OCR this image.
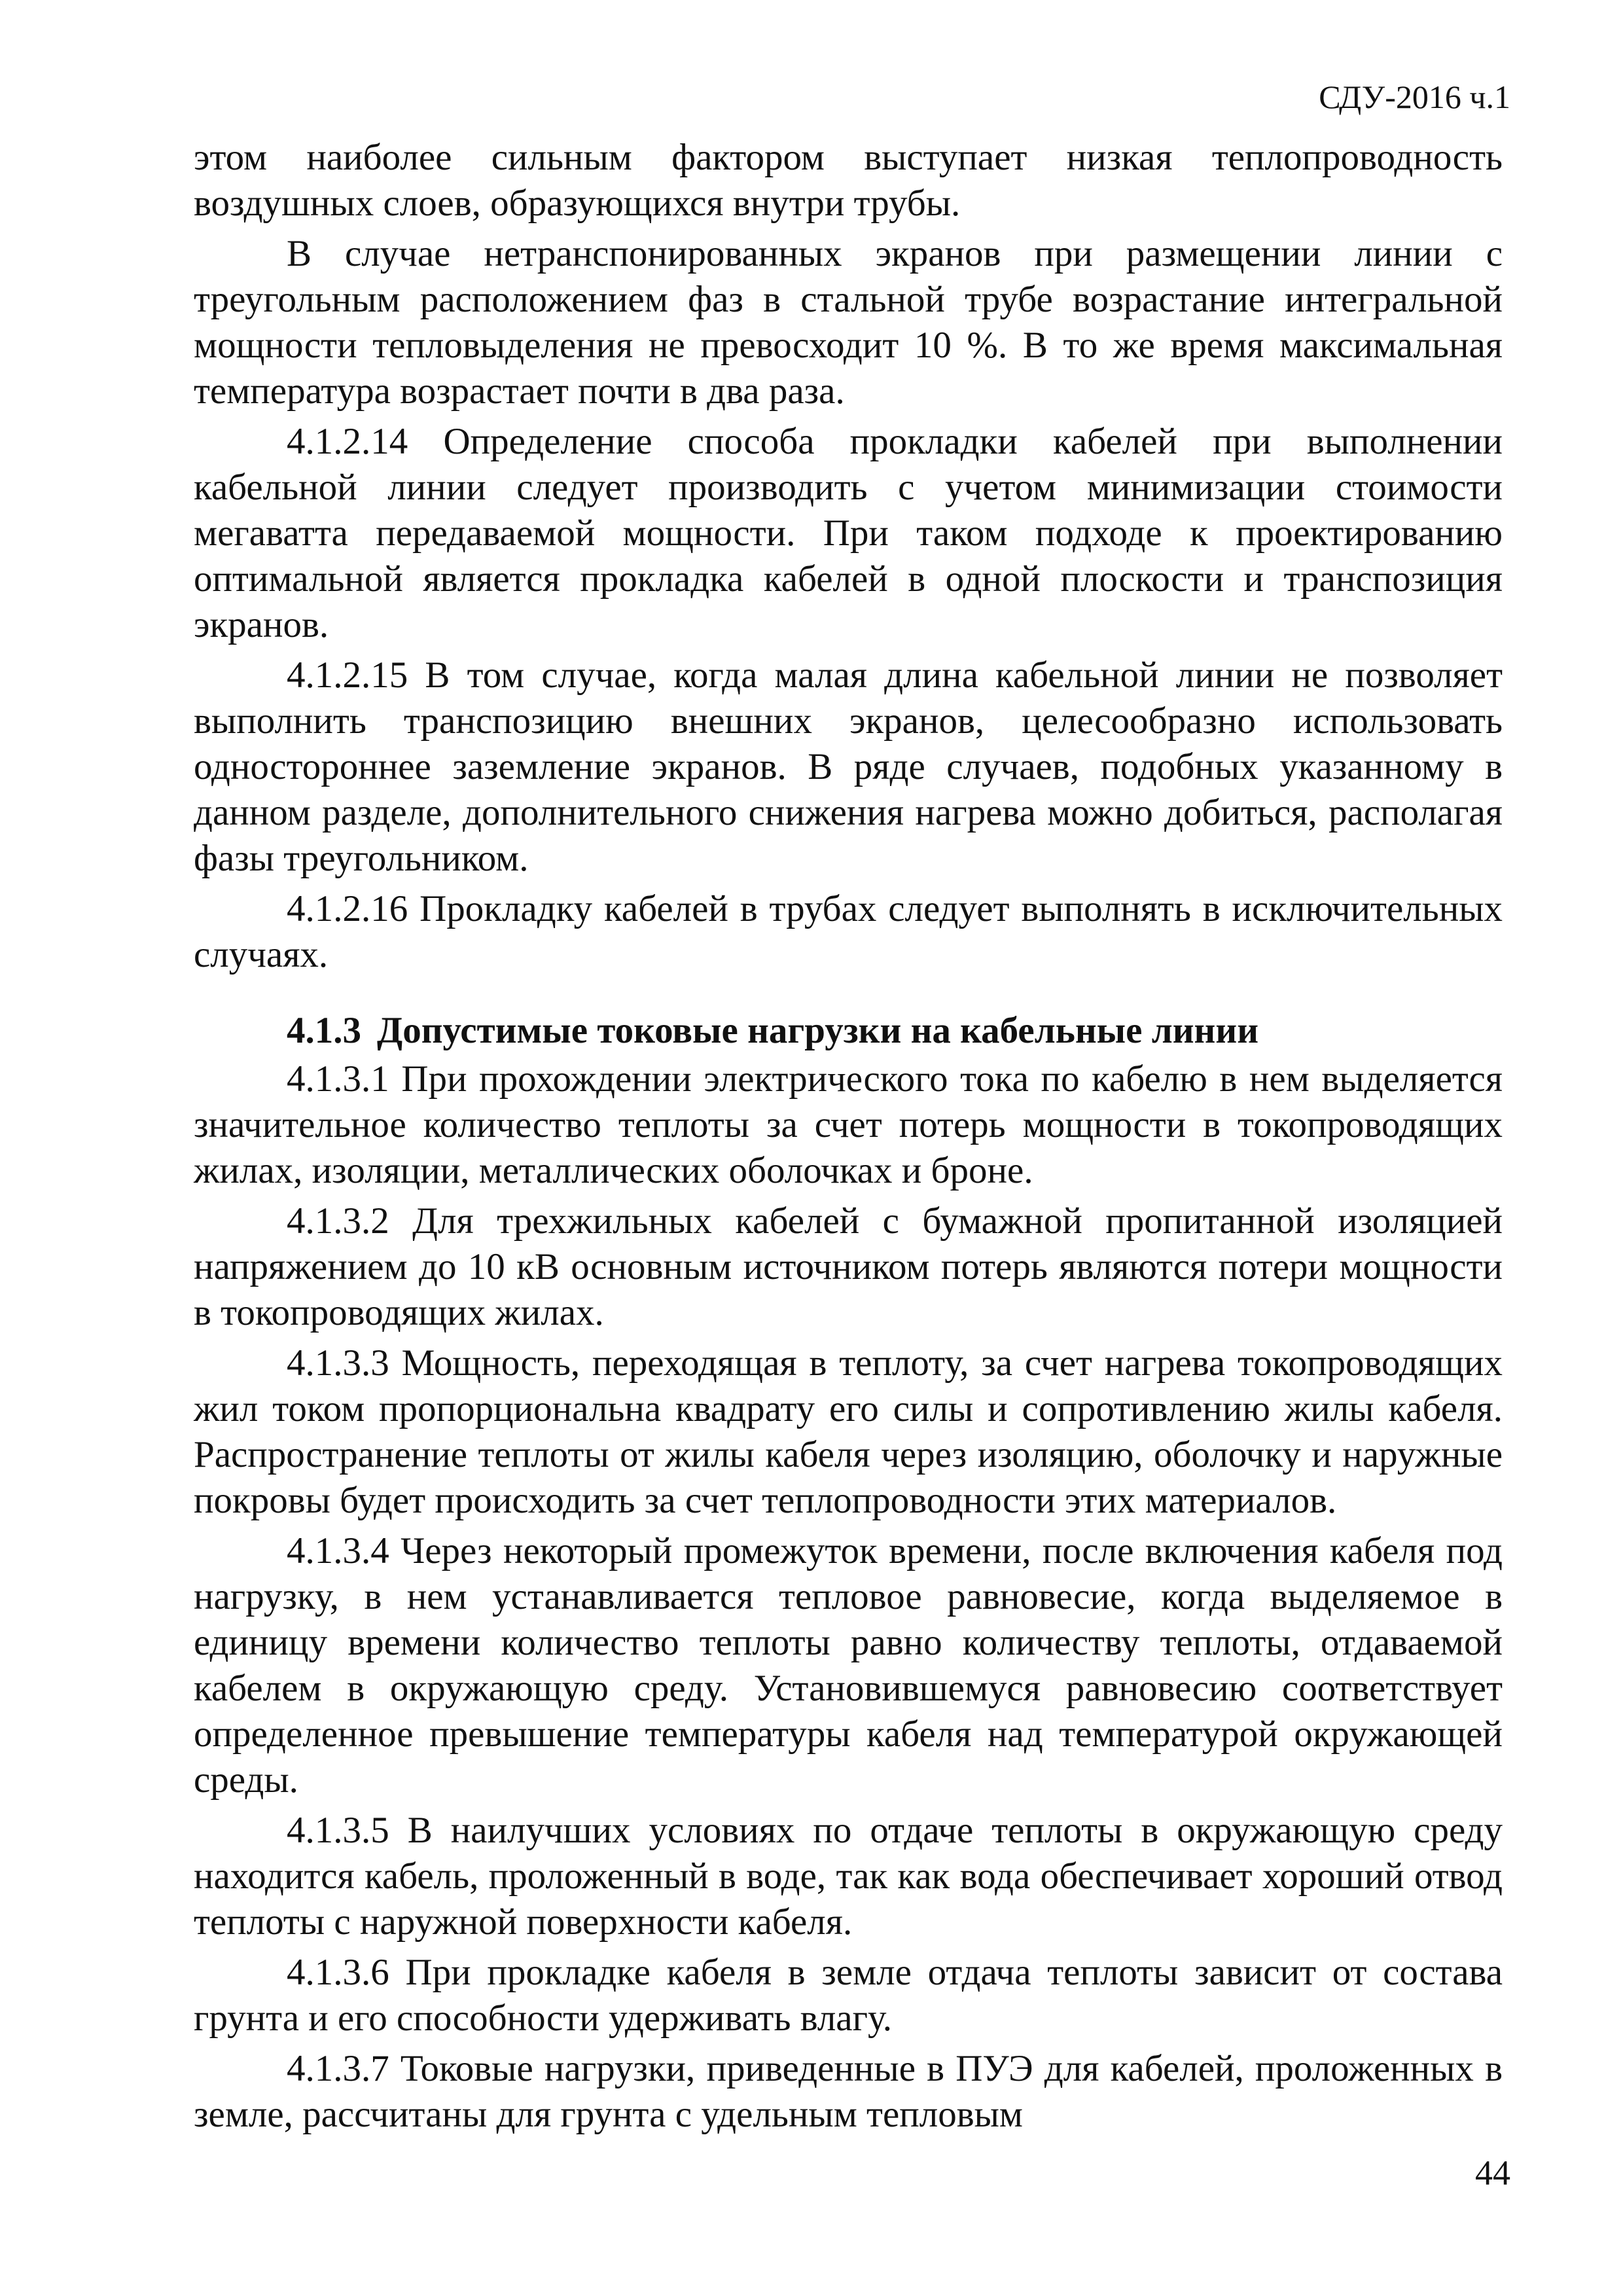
СДУ-2016 ч.1

этом наиболее сильным фактором выступает низкая теплопроводность воздушных слоев, образующихся внутри трубы.

В случае нетранспонированных экранов при размещении линии с треугольным расположением фаз в стальной трубе возрастание интегральной мощности тепловыделения не превосходит 10 %. В то же время максимальная температура возрастает почти в два раза.

4.1.2.14 Определение способа прокладки кабелей при выполнении кабельной линии следует производить с учетом минимизации стоимости мегаватта передаваемой мощности. При таком подходе к проектированию оптимальной является прокладка кабелей в одной плоскости и транспозиция экранов.

4.1.2.15 В том случае, когда малая длина кабельной линии не позволяет выполнить транспозицию внешних экранов, целесообразно использовать одностороннее заземление экранов. В ряде случаев, подобных указанному в данном разделе, дополнительного снижения нагрева можно добиться, располагая фазы треугольником.

4.1.2.16 Прокладку кабелей в трубах следует выполнять в исключительных случаях.

4.1.3 Допустимые токовые нагрузки на кабельные линии

4.1.3.1 При прохождении электрического тока по кабелю в нем выделяется значительное количество теплоты за счет потерь мощности в токопроводящих жилах, изоляции, металлических оболочках и броне.

4.1.3.2 Для трехжильных кабелей с бумажной пропитанной изоляцией напряжением до 10 кВ основным источником потерь являются потери мощности в токопроводящих жилах.

4.1.3.3 Мощность, переходящая в теплоту, за счет нагрева токопроводящих жил током пропорциональна квадрату его силы и сопротивлению жилы кабеля. Распространение теплоты от жилы кабеля через изоляцию, оболочку и наружные покровы будет происходить за счет теплопроводности этих материалов.

4.1.3.4 Через некоторый промежуток времени, после включения кабеля под нагрузку, в нем устанавливается тепловое равновесие, когда выделяемое в единицу времени количество теплоты равно количеству теплоты, отдаваемой кабелем в окружающую среду. Установившемуся равновесию соответствует определенное превышение температуры кабеля над температурой окружающей среды.

4.1.3.5 В наилучших условиях по отдаче теплоты в окружающую среду находится кабель, проложенный в воде, так как вода обеспечивает хороший отвод теплоты с наружной поверхности кабеля.

4.1.3.6 При прокладке кабеля в земле отдача теплоты зависит от состава грунта и его способности удерживать влагу.

4.1.3.7 Токовые нагрузки, приведенные в ПУЭ для кабелей, проложенных в земле, рассчитаны для грунта с удельным тепловым

44
